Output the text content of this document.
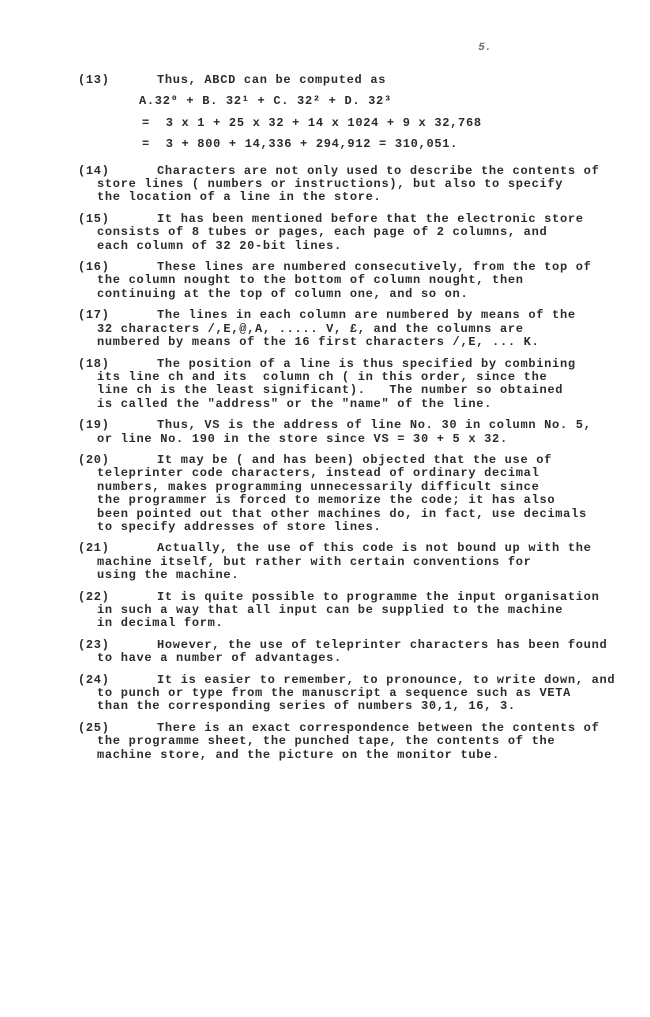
5.
(13)	Thus, ABCD can be computed as
A.32⁰ + B. 32¹ + C. 32² + D. 32³
=  3 x 1 + 25 x 32 + 14 x 1024 + 9 x 32,768
=  3 + 800 + 14,336 + 294,912 = 310,051.
(14)	Characters are not only used to describe the contents of
store lines ( numbers or instructions), but also to specify
the location of a line in the store.
(15)	It has been mentioned before that the electronic store
consists of 8 tubes or pages, each page of 2 columns, and
each column of 32 20-bit lines.
(16)	These lines are numbered consecutively, from the top of
the column nought to the bottom of column nought, then
continuing at the top of column one, and so on.
(17)	The lines in each column are numbered by means of the
32 characters /,E,@,A, ..... V, £, and the columns are
numbered by means of the 16 first characters /,E, ... K.
(18)	The position of a line is thus specified by combining
its line ch and its  column ch ( in this order, since the
line ch is the least significant).   The number so obtained
is called the "address" or the "name" of the line.
(19)	Thus, VS is the address of line No. 30 in column No. 5,
or line No. 190 in the store since VS = 30 + 5 x 32.
(20)	It may be ( and has been) objected that the use of
teleprinter code characters, instead of ordinary decimal
numbers, makes programming unnecessarily difficult since
the programmer is forced to memorize the code; it has also
been pointed out that other machines do, in fact, use decimals
to specify addresses of store lines.
(21)	Actually, the use of this code is not bound up with the
machine itself, but rather with certain conventions for
using the machine.
(22)	It is quite possible to programme the input organisation
in such a way that all input can be supplied to the machine
in decimal form.
(23)	However, the use of teleprinter characters has been found
to have a number of advantages.
(24)	It is easier to remember, to pronounce, to write down, and
to punch or type from the manuscript a sequence such as VETA
than the corresponding series of numbers 30,1, 16, 3.
(25)	There is an exact correspondence between the contents of
the programme sheet, the punched tape, the contents of the
machine store, and the picture on the monitor tube.
